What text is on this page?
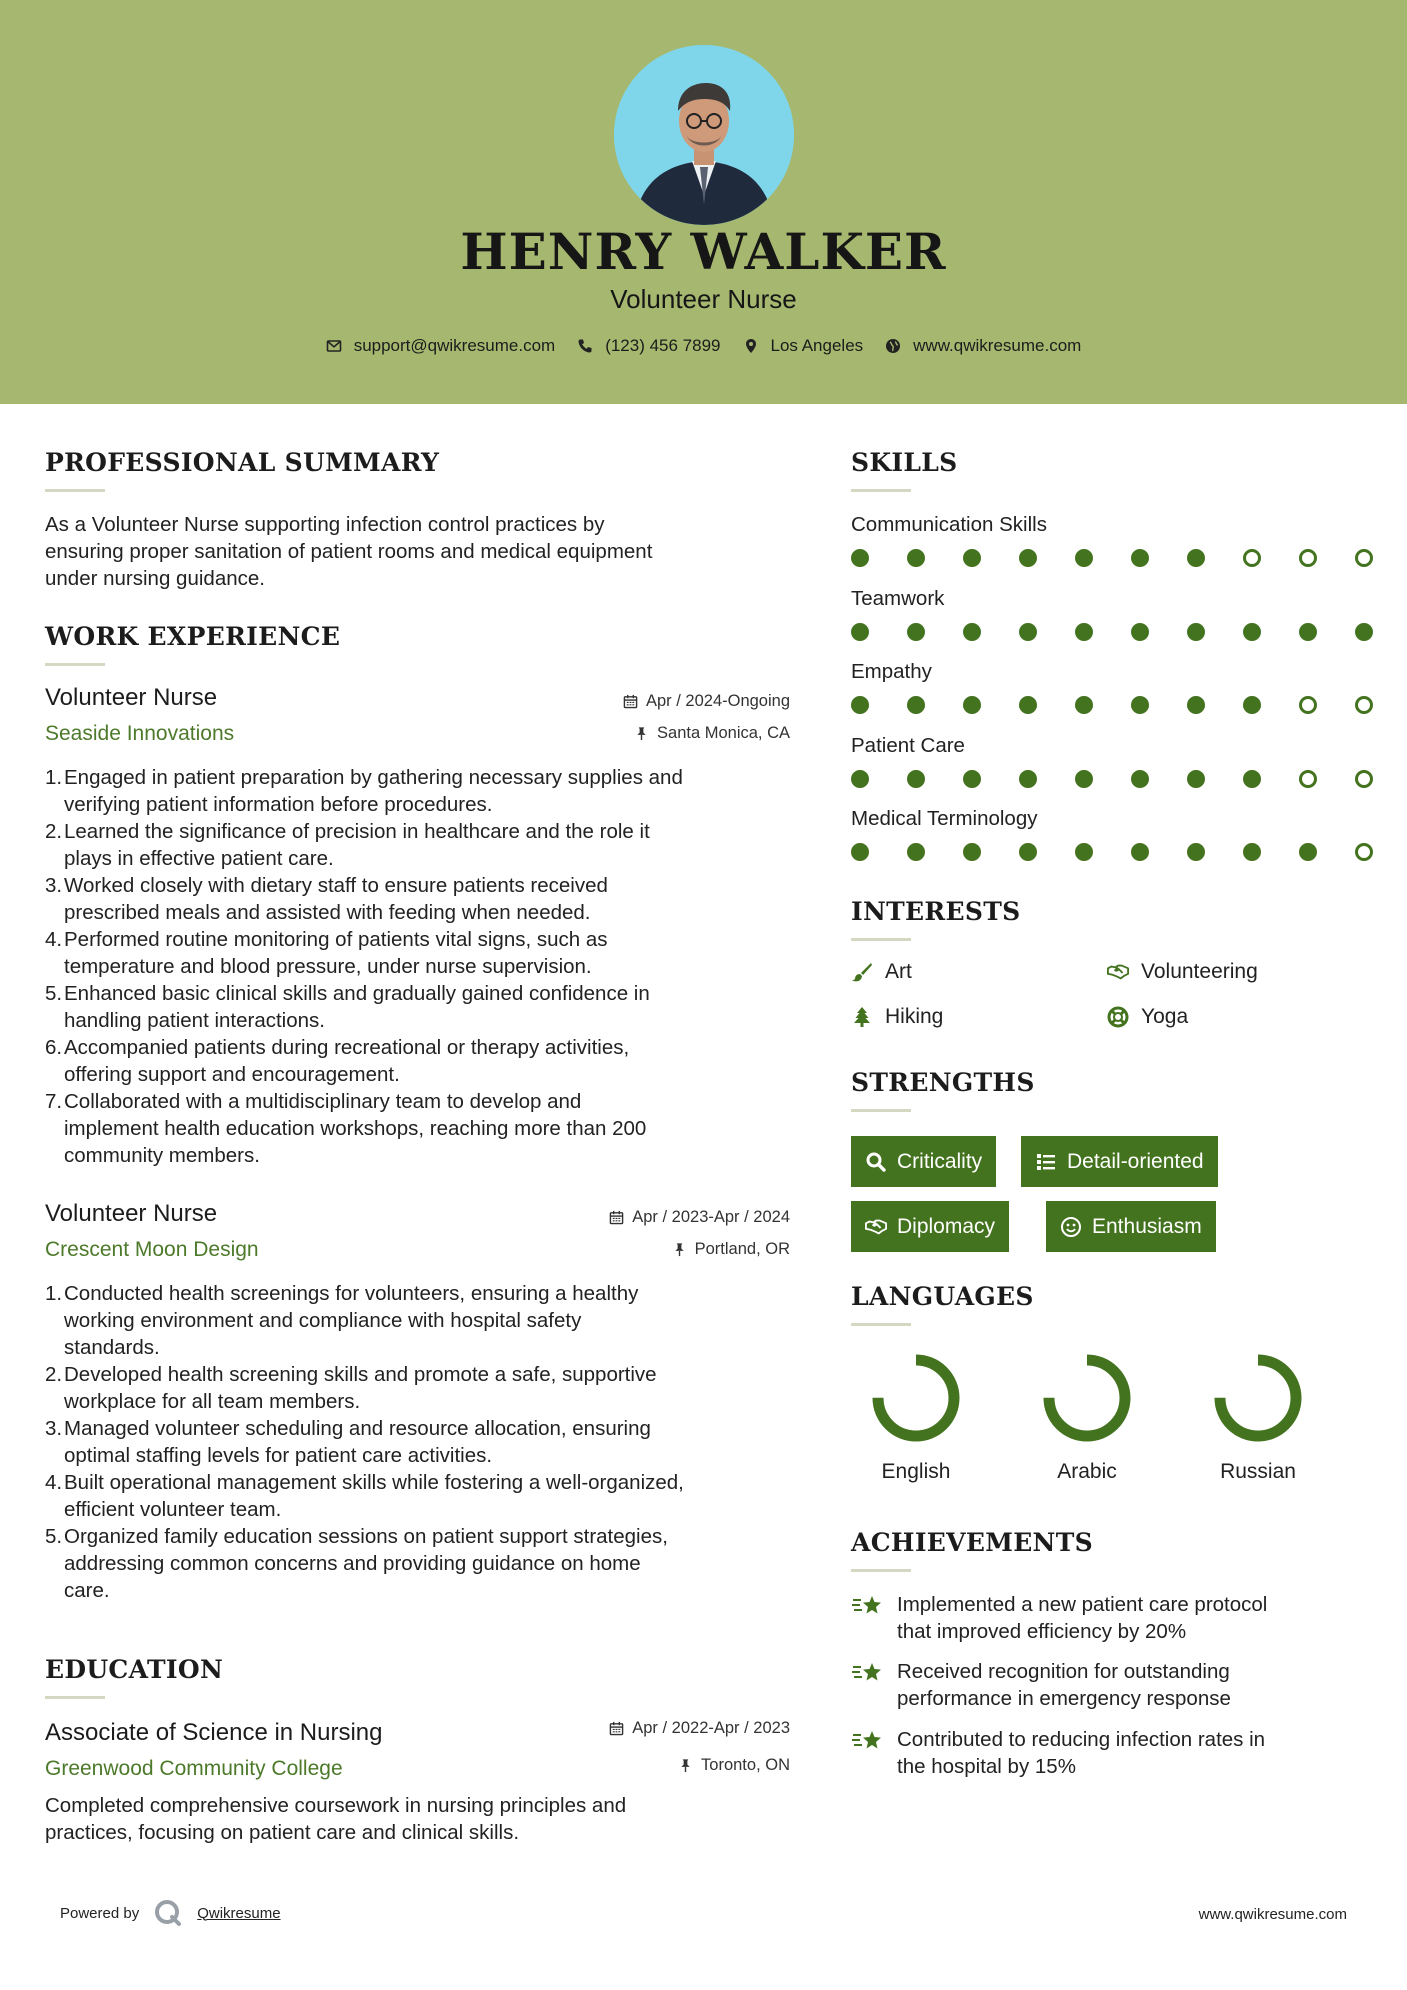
HENRY WALKER
Volunteer Nurse
support@qwikresume.com	(123) 456 7899	Los Angeles	www.qwikresume.com
PROFESSIONAL SUMMARY
As a Volunteer Nurse supporting infection control practices by
ensuring proper sanitation of patient rooms and medical equipment
under nursing guidance.
WORK EXPERIENCE
Volunteer Nurse	Apr / 2024-Ongoing
Seaside Innovations	Santa Monica, CA
1. Engaged in patient preparation by gathering necessary supplies and
verifying patient information before procedures.
2. Learned the significance of precision in healthcare and the role it
plays in effective patient care.
3. Worked closely with dietary staff to ensure patients received
prescribed meals and assisted with feeding when needed.
4. Performed routine monitoring of patients vital signs, such as
temperature and blood pressure, under nurse supervision.
5. Enhanced basic clinical skills and gradually gained confidence in
handling patient interactions.
6. Accompanied patients during recreational or therapy activities,
offering support and encouragement.
7. Collaborated with a multidisciplinary team to develop and
implement health education workshops, reaching more than 200
community members.
Volunteer Nurse	Apr / 2023-Apr / 2024
Crescent Moon Design	Portland, OR
1. Conducted health screenings for volunteers, ensuring a healthy
working environment and compliance with hospital safety
standards.
2. Developed health screening skills and promote a safe, supportive
workplace for all team members.
3. Managed volunteer scheduling and resource allocation, ensuring
optimal staffing levels for patient care activities.
4. Built operational management skills while fostering a well-organized,
efficient volunteer team.
5. Organized family education sessions on patient support strategies,
addressing common concerns and providing guidance on home
care.
EDUCATION
Associate of Science in Nursing	Apr / 2022-Apr / 2023
Greenwood Community College	Toronto, ON
Completed comprehensive coursework in nursing principles and
practices, focusing on patient care and clinical skills.
SKILLS
Communication Skills
Teamwork
Empathy
Patient Care
Medical Terminology
INTERESTS
Art	Volunteering
Hiking	Yoga
STRENGTHS
Criticality	Detail-oriented
Diplomacy	Enthusiasm
LANGUAGES
English	Arabic	Russian
ACHIEVEMENTS
Implemented a new patient care protocol
that improved efficiency by 20%
Received recognition for outstanding
performance in emergency response
Contributed to reducing infection rates in
the hospital by 15%
Powered by	Qwikresume	www.qwikresume.com
